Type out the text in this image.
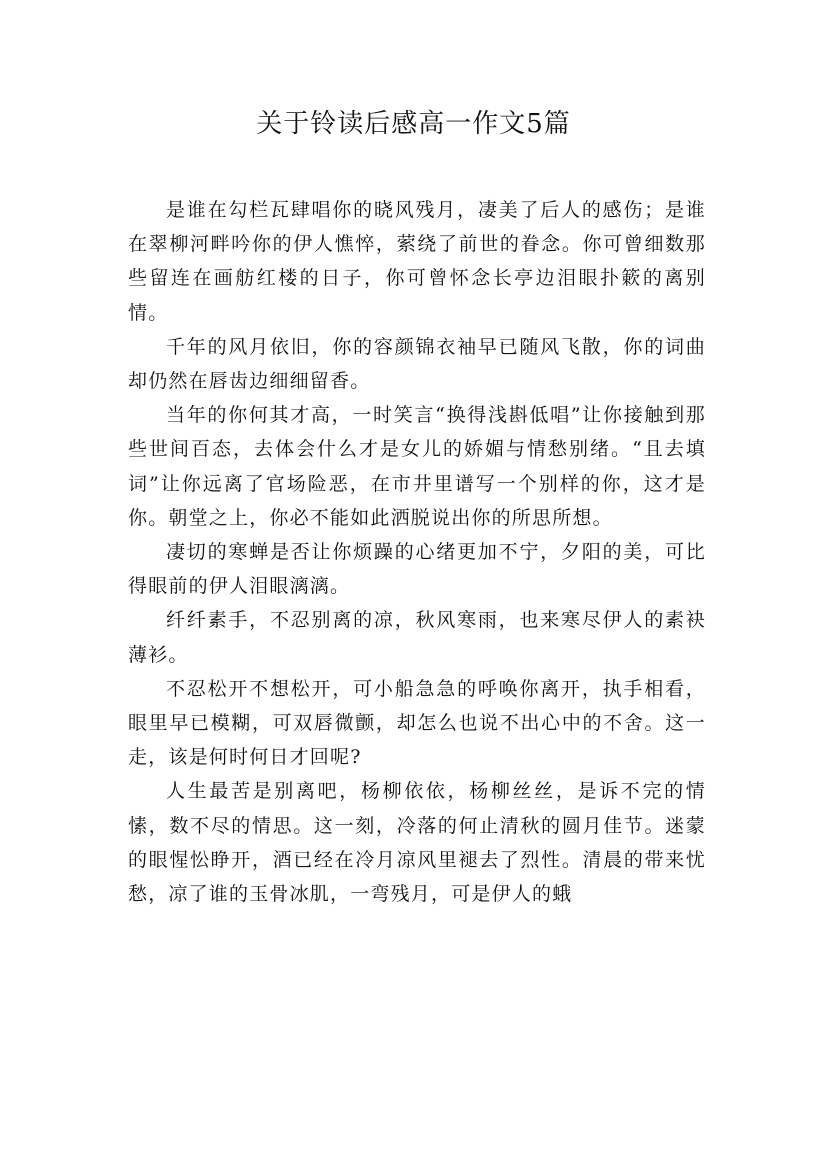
关于铃读后感高一作文5篇

是谁在勾栏瓦肆唱你的晓风残月，凄美了后人的感伤；是谁在翠柳河畔吟你的伊人憔悴，萦绕了前世的眷念。你可曾细数那些留连在画舫红楼的日子，你可曾怀念长亭边泪眼扑簌的离别情。

千年的风月依旧，你的容颜锦衣袖早已随风飞散，你的词曲却仍然在唇齿边细细留香。

当年的你何其才高，一时笑言“换得浅斟低唱”让你接触到那些世间百态，去体会什么才是女儿的娇媚与情愁别绪。“且去填词”让你远离了官场险恶，在市井里谱写一个别样的你，这才是你。朝堂之上，你必不能如此洒脱说出你的所思所想。

凄切的寒蝉是否让你烦躁的心绪更加不宁，夕阳的美，可比得眼前的伊人泪眼漓漓。

纤纤素手，不忍别离的凉，秋风寒雨，也来寒尽伊人的素袂薄衫。

不忍松开不想松开，可小船急急的呼唤你离开，执手相看，眼里早已模糊，可双唇微颤，却怎么也说不出心中的不舍。这一走，该是何时何日才回呢?

人生最苦是别离吧，杨柳依依，杨柳丝丝，是诉不完的情愫，数不尽的情思。这一刻，冷落的何止清秋的圆月佳节。迷蒙的眼惺忪睁开，酒已经在冷月凉风里褪去了烈性。清晨的带来忧愁，凉了谁的玉骨冰肌，一弯残月，可是伊人的蛾
